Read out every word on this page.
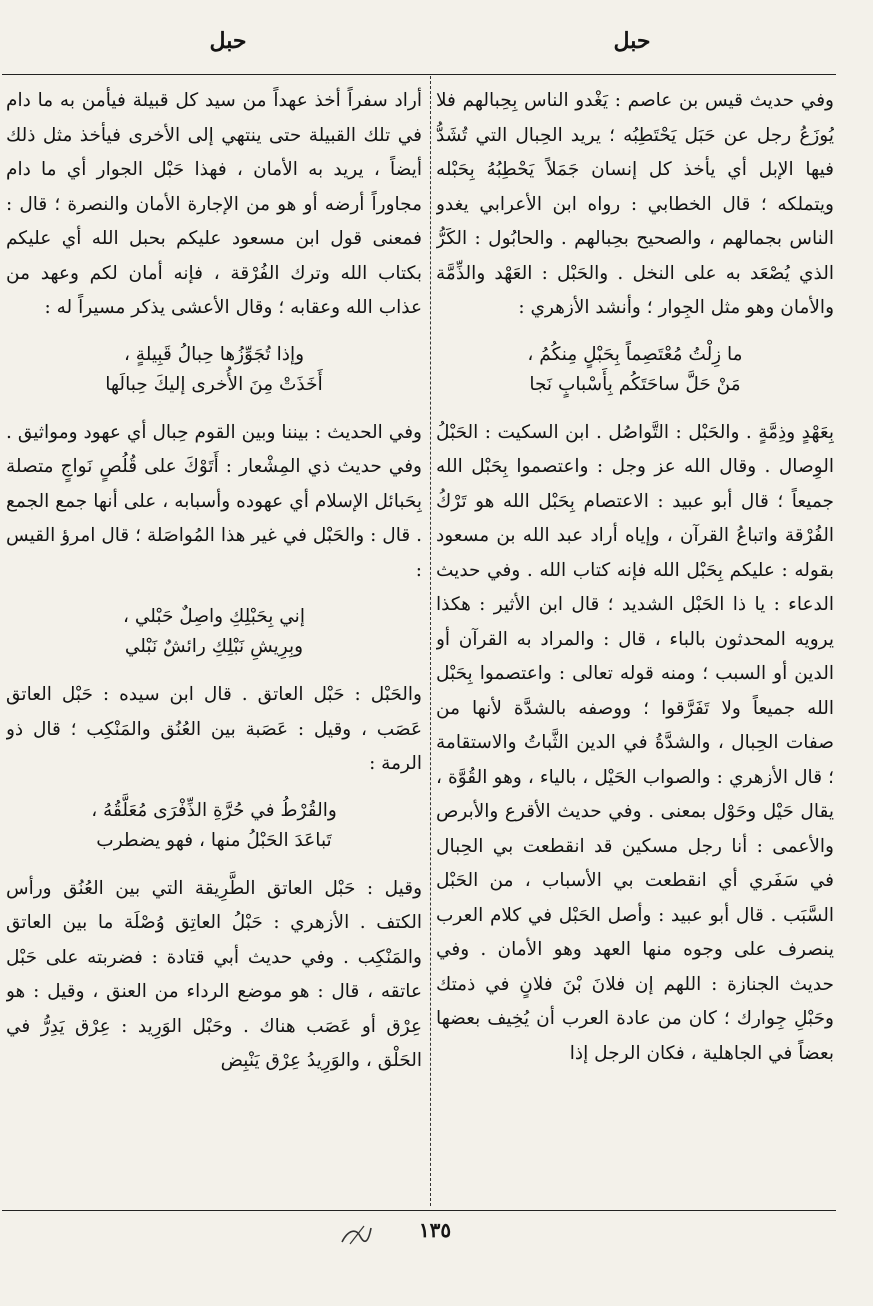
حبل
حبل

وفي حديث قيس بن عاصم : يَغْدو الناس بِحِبالهم فلا يُوزَعُ رجل عن حَبَل يَحْتَطِبُه ؛ يريد الحِبال التي تُشَدُّ فيها الإبل أي يأخذ كل إنسان جَمَلاً يَحْطِبُهُ بِحَبْله ويتملكه ؛ قال الخطابي : رواه ابن الأعرابي يغدو الناس بجمالهم ، والصحيح بحِبالهم . والحابُول : الكَرُّ الذي يُصْعَد به على النخل . والحَبْل : العَهْد والذِّمَّة والأمان وهو مثل الجِوار ؛ وأنشد الأزهري :

ما زِلْتُ مُعْتَصِماً بِحَبْلٍ مِنكُمُ ،
مَنْ حَلَّ ساحَتَكُم بِأَسْبابٍ نَجا

بِعَهْدٍ وذِمَّةٍ . والحَبْل : التَّواصُل . ابن السكيت : الحَبْلُ الوِصال . وقال الله عز وجل : واعتصموا بِحَبْل الله جميعاً ؛ قال أبو عبيد : الاعتصام بِحَبْل الله هو تَرْكُ الفُرْقة واتباعُ القرآن ، وإياه أراد عبد الله بن مسعود بقوله : عليكم بِحَبْل الله فإنه كتاب الله . وفي حديث الدعاء : يا ذا الحَبْل الشديد ؛ قال ابن الأثير : هكذا يرويه المحدثون بالباء ، قال : والمراد به القرآن أو الدين أو السبب ؛ ومنه قوله تعالى : واعتصموا بِحَبْل الله جميعاً ولا تَفَرَّقوا ؛ ووصفه بالشدَّة لأنها من صفات الحِبال ، والشدَّةُ في الدين الثَّباتُ والاستقامة ؛ قال الأزهري : والصواب الحَيْل ، بالياء ، وهو القُوَّة ، يقال حَيْل وحَوْل بمعنى . وفي حديث الأقرع والأبرص والأعمى : أنا رجل مسكين قد انقطعت بي الحِبال في سَفَري أي انقطعت بي الأسباب ، من الحَبْل السَّبَب . قال أبو عبيد : وأصل الحَبْل في كلام العرب ينصرف على وجوه منها العهد وهو الأمان . وفي حديث الجنازة : اللهم إن فلانَ بْنَ فلانٍ في ذمتك وحَبْلِ جِوارك ؛ كان من عادة العرب أن يُخِيف بعضها بعضاً في الجاهلية ، فكان الرجل إذا

أراد سفراً أخذ عهداً من سيد كل قبيلة فيأمن به ما دام في تلك القبيلة حتى ينتهي إلى الأخرى فيأخذ مثل ذلك أيضاً ، يريد به الأمان ، فهذا حَبْل الجوار أي ما دام مجاوراً أرضه أو هو من الإجارة الأمان والنصرة ؛ قال : فمعنى قول ابن مسعود عليكم بحبل الله أي عليكم بكتاب الله وترك الفُرْقة ، فإنه أمان لكم وعهد من عذاب الله وعقابه ؛ وقال الأعشى يذكر مسيراً له :

وإذا تُجَوِّزُها حِبالُ قَبِيلةٍ ،
أَخَذَتْ مِنَ الأُخرى إليكَ حِبالَها

وفي الحديث : بيننا وبين القوم حِبال أي عهود ومواثيق . وفي حديث ذي المِشْعار : أَتَوْكَ على قُلُصٍ نَواجٍ متصلة بِحَبائل الإسلام أي عهوده وأسبابه ، على أنها جمع الجمع . قال : والحَبْل في غير هذا المُواصَلة ؛ قال امرؤ القيس :

إني بِحَبْلِكِ واصِلٌ حَبْلي ،
وبِرِيشِ نَبْلِكِ رائشٌ نَبْلي

والحَبْل : حَبْل العاتق . قال ابن سيده : حَبْل العاتق عَصَب ، وقيل : عَصَبة بين العُنُق والمَنْكِب ؛ قال ذو الرمة :

والقُرْطُ في حُرَّةِ الذِّفْرَى مُعَلَّقُهُ ،
تَباعَدَ الحَبْلُ منها ، فهو يضطرب

وقيل : حَبْل العاتق الطَّرِيقة التي بين العُنُق ورأس الكتف . الأزهري : حَبْلُ العاتِق وُصْلَة ما بين العاتق والمَنْكِب . وفي حديث أبي قتادة : فضربته على حَبْل عاتقه ، قال : هو موضع الرداء من العنق ، وقيل : هو عِرْق أو عَصَب هناك . وحَبْل الوَرِيد : عِرْق يَدِرُّ في الحَلْق ، والوَرِيدُ عِرْق يَنْبِض

١٣٥
